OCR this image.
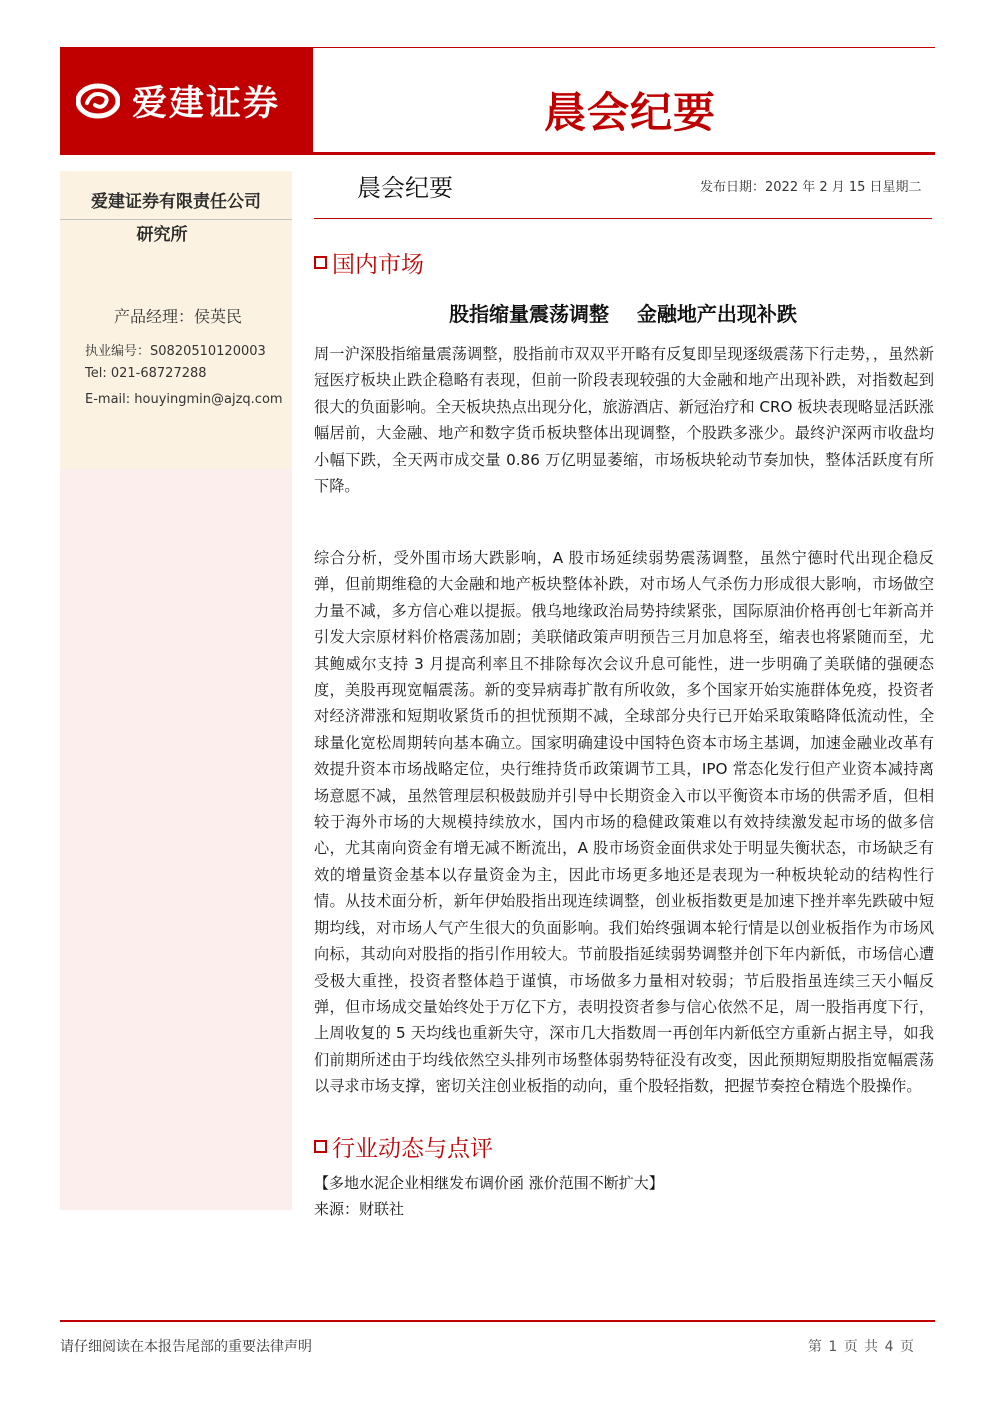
爱建证券	晨会纪要
爱建证券有限责任公司
研究所
产品经理：侯英民
执业编号：S0820510120003
Tel: 021-68727288
E-mail: houyingmin@ajzq.com
晨会纪要	发布日期：2022 年 2 月 15 日星期二
国内市场
股指缩量震荡调整    金融地产出现补跌

周一沪深股指缩量震荡调整，股指前市双双平开略有反复即呈现逐级震荡下行走势，，虽然新冠医疗板块止跌企稳略有表现，但前一阶段表现较强的大金融和地产出现补跌，对指数起到很大的负面影响。全天板块热点出现分化，旅游酒店、新冠治疗和 CRO 板块表现略显活跃涨幅居前，大金融、地产和数字货币板块整体出现调整，个股跌多涨少。最终沪深两市收盘均小幅下跌，全天两市成交量 0.86 万亿明显萎缩，市场板块轮动节奏加快，整体活跃度有所下降。

综合分析，受外围市场大跌影响，A 股市场延续弱势震荡调整，虽然宁德时代出现企稳反弹，但前期维稳的大金融和地产板块整体补跌，对市场人气杀伤力形成很大影响，市场做空力量不减，多方信心难以提振。俄乌地缘政治局势持续紧张，国际原油价格再创七年新高并引发大宗原材料价格震荡加剧；美联储政策声明预告三月加息将至，缩表也将紧随而至，尤其鲍威尔支持 3 月提高利率且不排除每次会议升息可能性，进一步明确了美联储的强硬态度，美股再现宽幅震荡。新的变异病毒扩散有所收敛，多个国家开始实施群体免疫，投资者对经济滞涨和短期收紧货币的担忧预期不减，全球部分央行已开始采取策略降低流动性，全球量化宽松周期转向基本确立。国家明确建设中国特色资本市场主基调，加速金融业改革有效提升资本市场战略定位，央行维持货币政策调节工具，IPO 常态化发行但产业资本减持离场意愿不减，虽然管理层积极鼓励并引导中长期资金入市以平衡资本市场的供需矛盾，但相较于海外市场的大规模持续放水，国内市场的稳健政策难以有效持续激发起市场的做多信心，尤其南向资金有增无减不断流出，A 股市场资金面供求处于明显失衡状态，市场缺乏有效的增量资金基本以存量资金为主，因此市场更多地还是表现为一种板块轮动的结构性行情。从技术面分析，新年伊始股指出现连续调整，创业板指数更是加速下挫并率先跌破中短期均线，对市场人气产生很大的负面影响。我们始终强调本轮行情是以创业板指作为市场风向标，其动向对股指的指引作用较大。节前股指延续弱势调整并创下年内新低，市场信心遭受极大重挫，投资者整体趋于谨慎，市场做多力量相对较弱；节后股指虽连续三天小幅反弹，但市场成交量始终处于万亿下方，表明投资者参与信心依然不足，周一股指再度下行，上周收复的 5 天均线也重新失守，深市几大指数周一再创年内新低空方重新占据主导，如我们前期所述由于均线依然空头排列市场整体弱势特征没有改变，因此预期短期股指宽幅震荡以寻求市场支撑，密切关注创业板指的动向，重个股轻指数，把握节奏控仓精选个股操作。

行业动态与点评
【多地水泥企业相继发布调价函 涨价范围不断扩大】
来源：财联社
请仔细阅读在本报告尾部的重要法律声明	第 1 页 共 4 页
